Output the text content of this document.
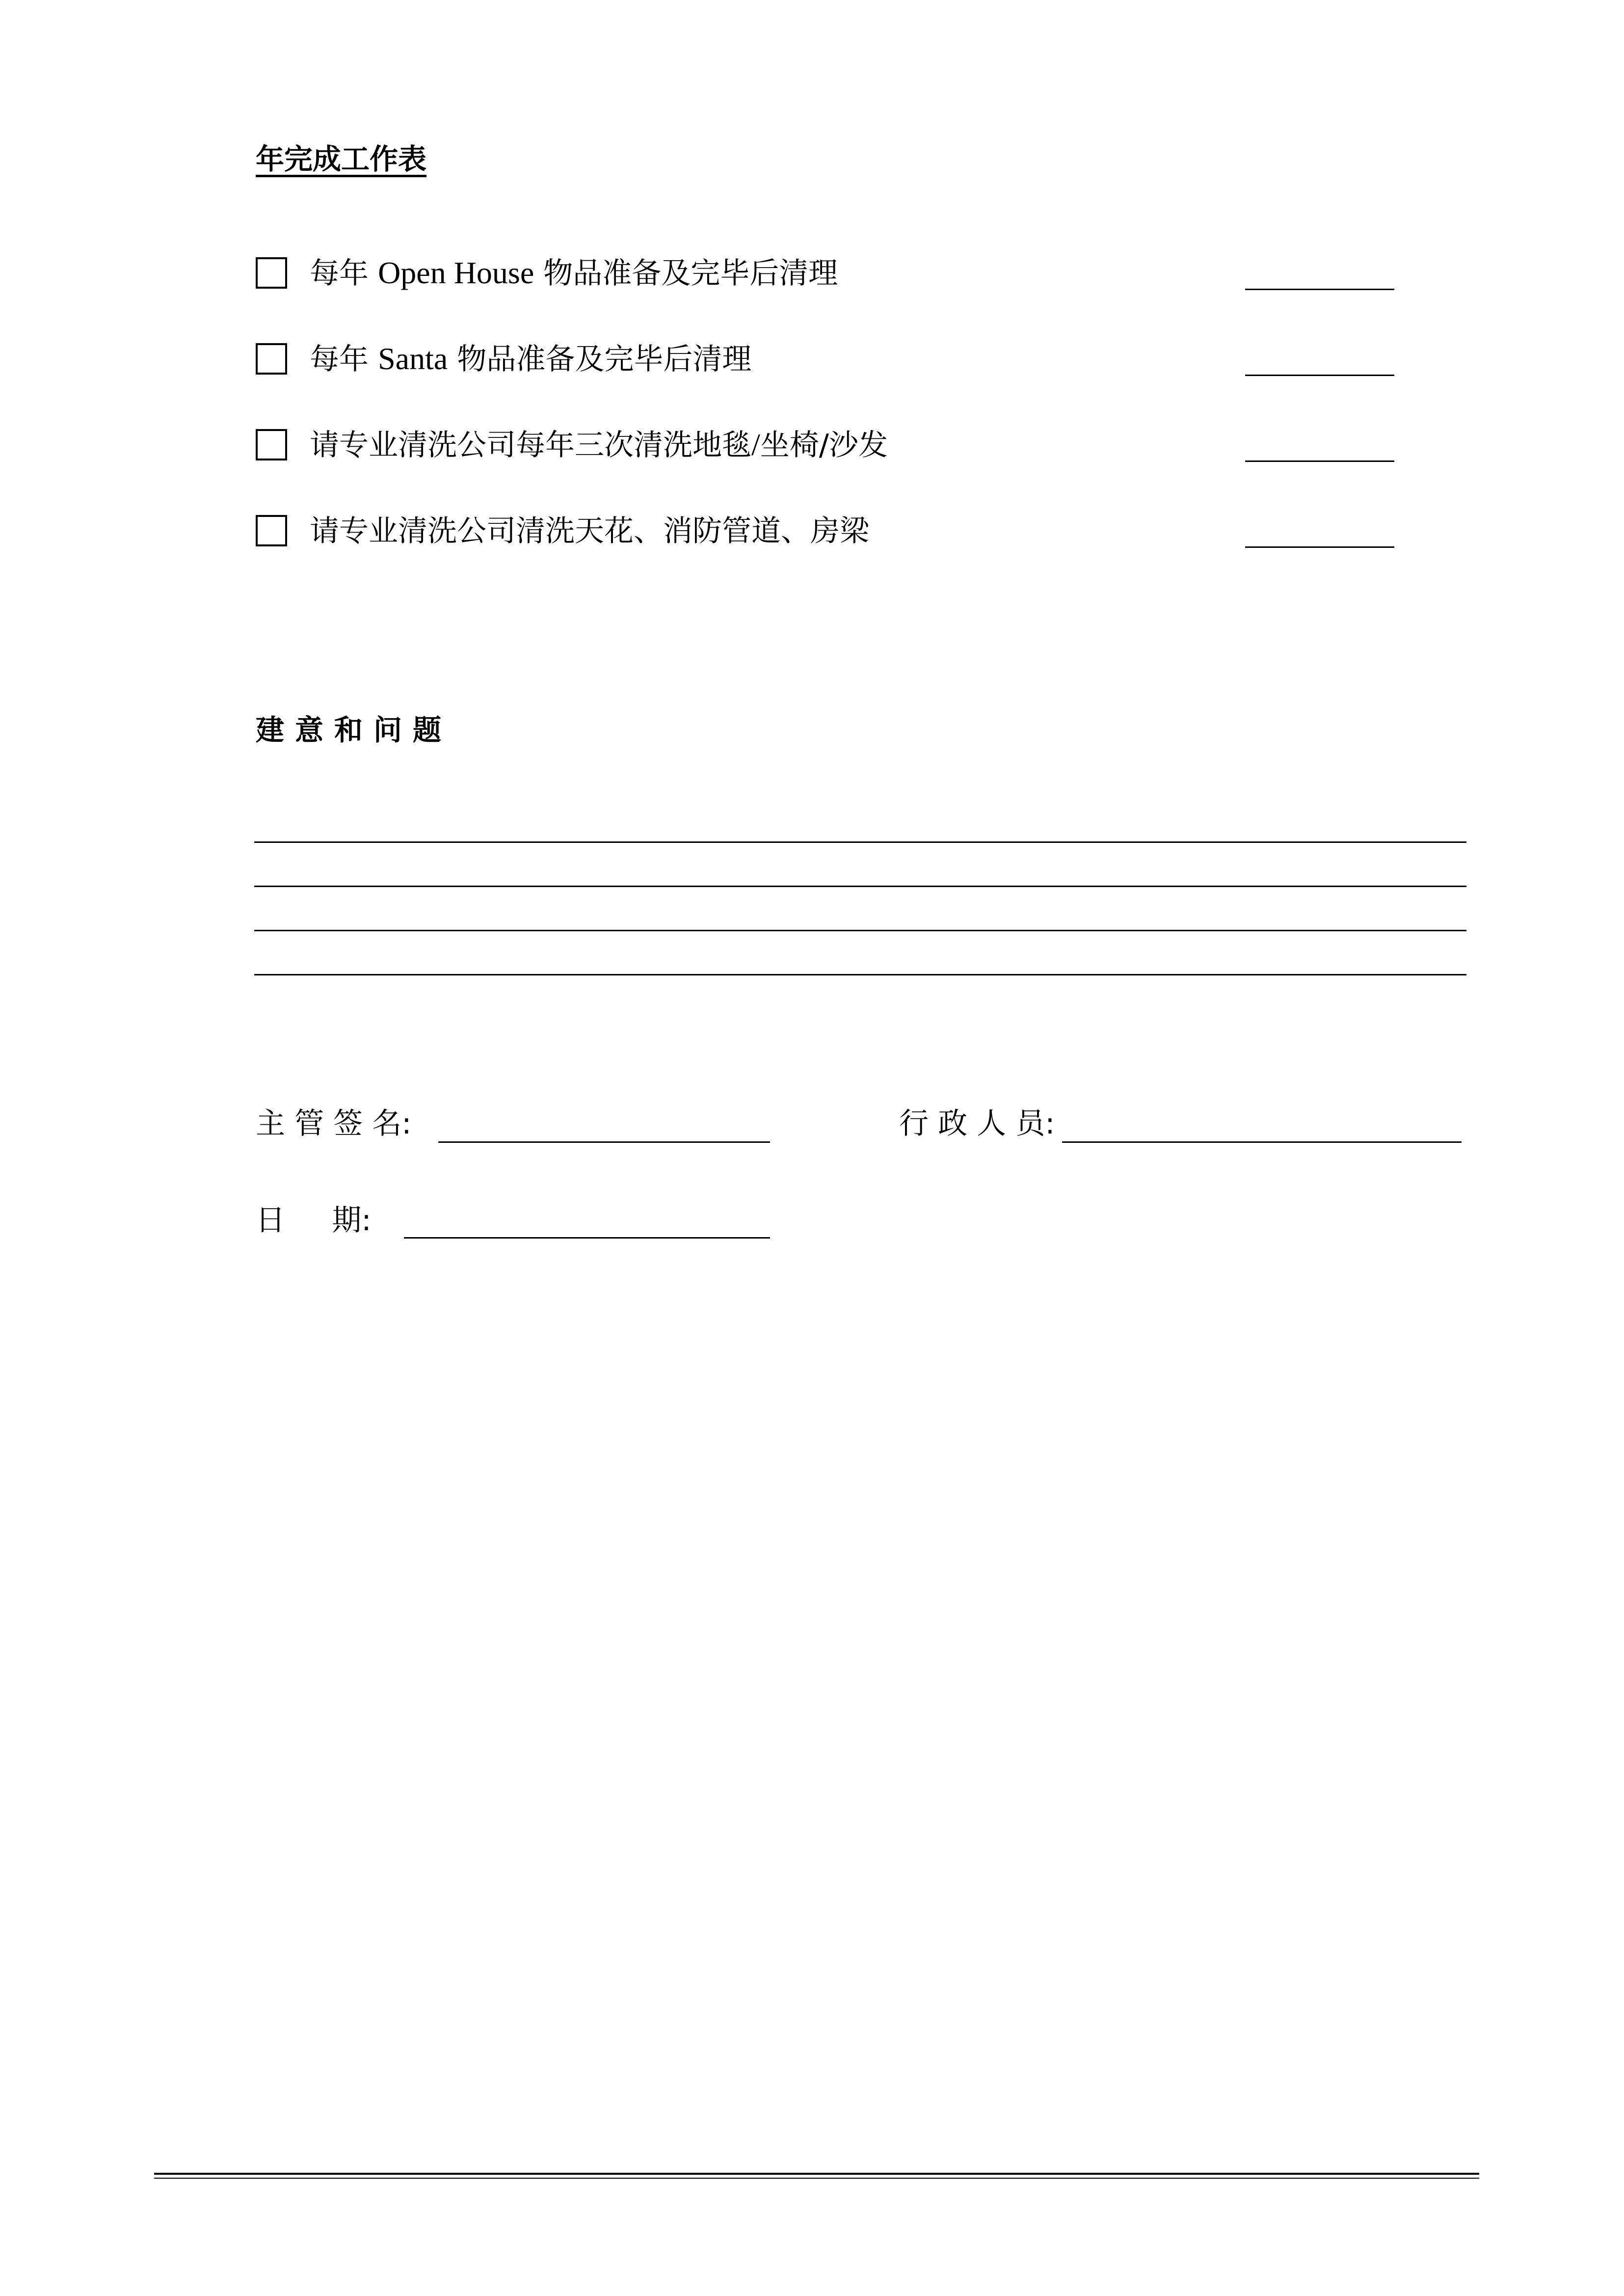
年完成工作表
每年 Open House 物品准备及完毕后清理
每年 Santa 物品准备及完毕后清理
请专业清洗公司每年三次清洗地毯/坐椅/沙发
请专业清洗公司清洗天花、消防管道、房梁
建意和问题
主 管 签 名:	行 政 人 员:
日     期:
